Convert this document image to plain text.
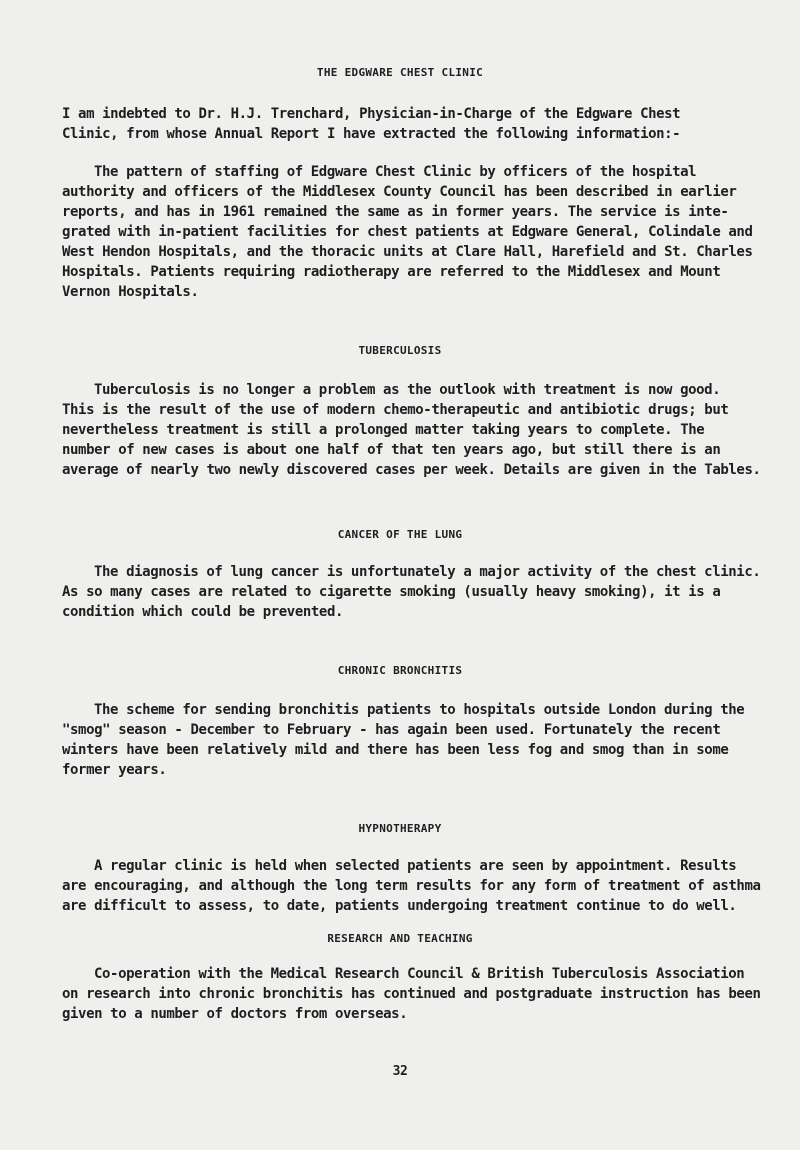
THE EDGWARE CHEST CLINIC

I am indebted to Dr. H.J. Trenchard, Physician-in-Charge of the Edgware Chest

Clinic, from whose Annual Report I have extracted the following information:-

The pattern of staffing of Edgware Chest Clinic by officers of the hospital

authority and officers of the Middlesex County Council has been described in earlier

reports, and has in 1961 remained the same as in former years. The service is inte-

grated with in-patient facilities for chest patients at Edgware General, Colindale and

West Hendon Hospitals, and the thoracic units at Clare Hall, Harefield and St. Charles

Hospitals. Patients requiring radiotherapy are referred to the Middlesex and Mount

Vernon Hospitals.

TUBERCULOSIS

Tuberculosis is no longer a problem as the outlook with treatment is now good.

This is the result of the use of modern chemo-therapeutic and antibiotic drugs; but

nevertheless treatment is still a prolonged matter taking years to complete. The

number of new cases is about one half of that ten years ago, but still there is an

average of nearly two newly discovered cases per week. Details are given in the Tables.

CANCER OF THE LUNG

The diagnosis of lung cancer is unfortunately a major activity of the chest clinic.

As so many cases are related to cigarette smoking (usually heavy smoking), it is a

condition which could be prevented.

CHRONIC BRONCHITIS

The scheme for sending bronchitis patients to hospitals outside London during the

"smog" season - December to February - has again been used. Fortunately the recent

winters have been relatively mild and there has been less fog and smog than in some

former years.

HYPNOTHERAPY

A regular clinic is held when selected patients are seen by appointment. Results

are encouraging, and although the long term results for any form of treatment of asthma

are difficult to assess, to date, patients undergoing treatment continue to do well.

RESEARCH AND TEACHING

Co-operation with the Medical Research Council & British Tuberculosis Association

on research into chronic bronchitis has continued and postgraduate instruction has been

given to a number of doctors from overseas.

32
